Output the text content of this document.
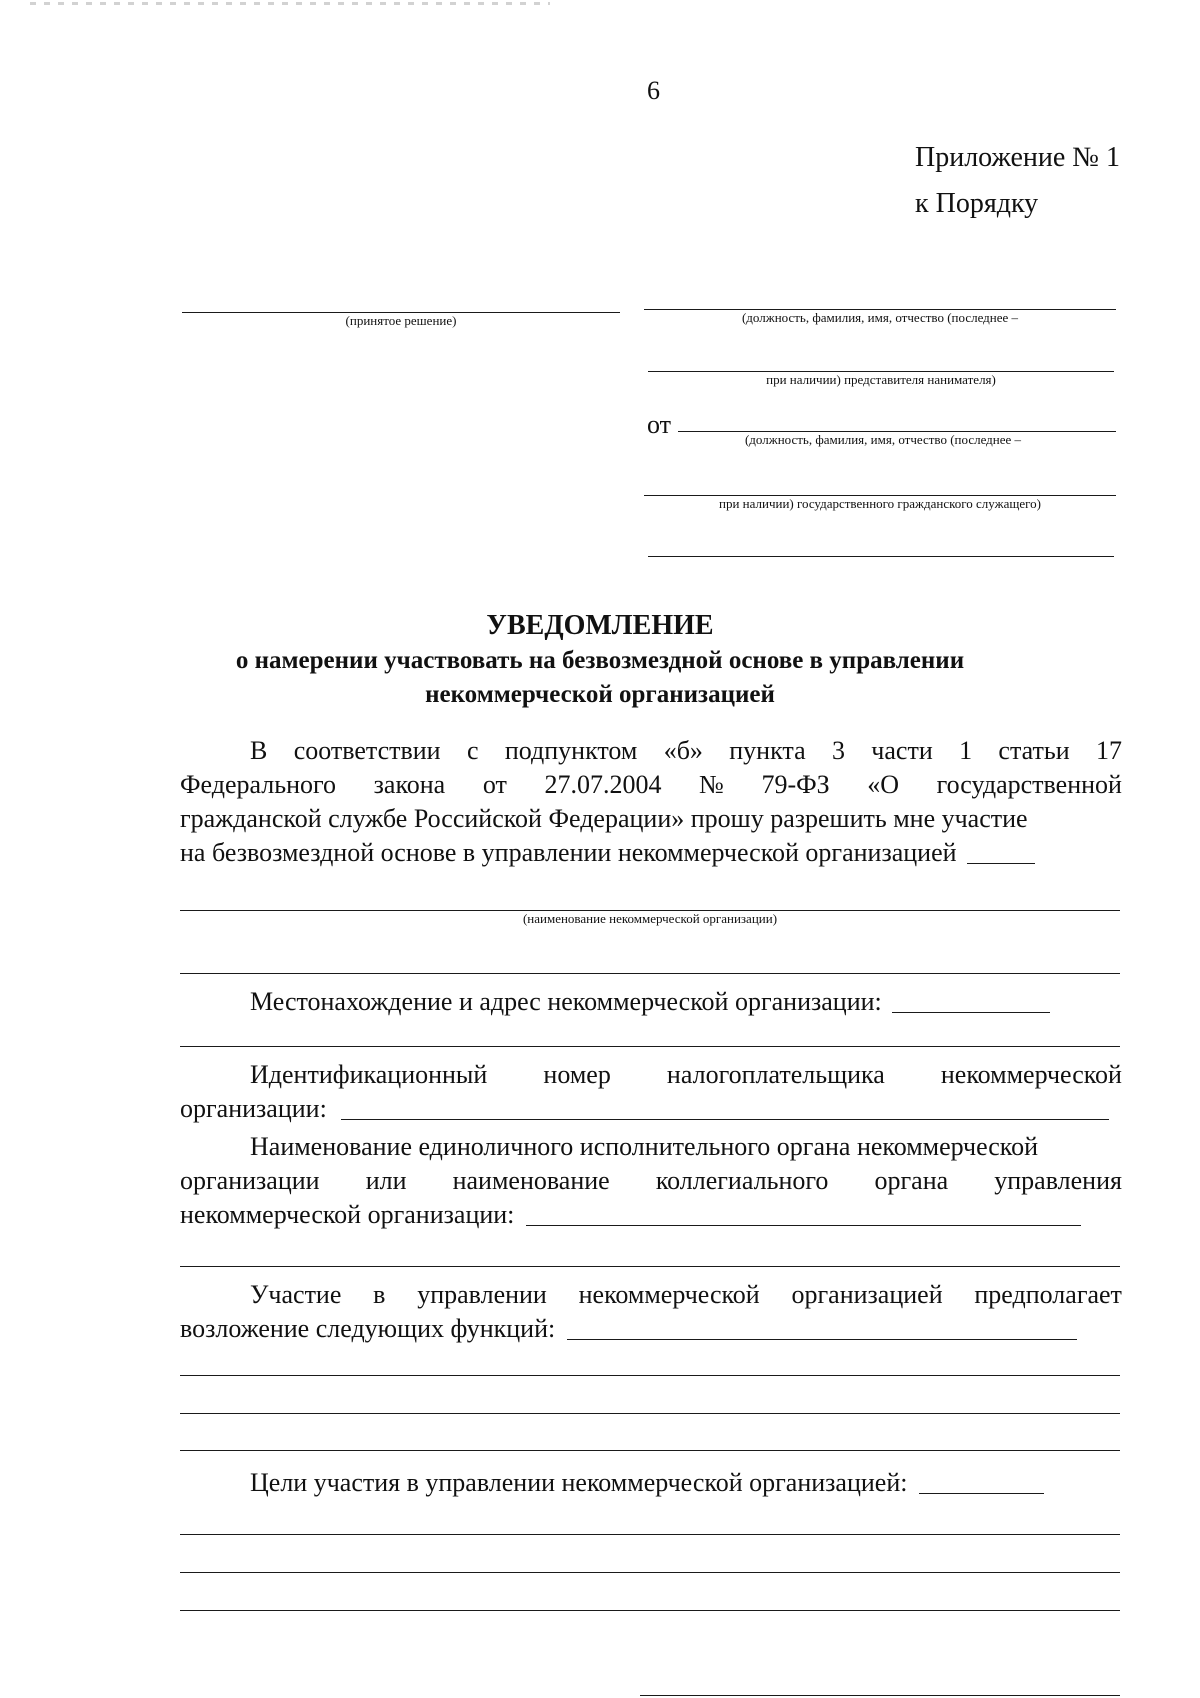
6
Приложение № 1
к Порядку
(принятое решение)	(должность, фамилия, имя, отчество (последнее –
при наличии) представителя нанимателя)
от
(должность, фамилия, имя, отчество (последнее –
при наличии) государственного гражданского служащего)
УВЕДОМЛЕНИЕ
о намерении участвовать на безвозмездной основе в управлении
некоммерческой организацией
В соответствии с подпунктом «б» пункта 3 части 1 статьи 17
Федерального закона от 27.07.2004 № 79-ФЗ «О государственной
гражданской службе Российской Федерации» прошу разрешить мне участие
на безвозмездной основе в управлении некоммерческой организацией
(наименование некоммерческой организации)
Местонахождение и адрес некоммерческой организации:
Идентификационный номер налогоплательщика некоммерческой
организации:
Наименование единоличного исполнительного органа некоммерческой
организации или наименование коллегиального органа управления
некоммерческой организации:
Участие в управлении некоммерческой организацией предполагает
возложение следующих функций:
Цели участия в управлении некоммерческой организацией:
